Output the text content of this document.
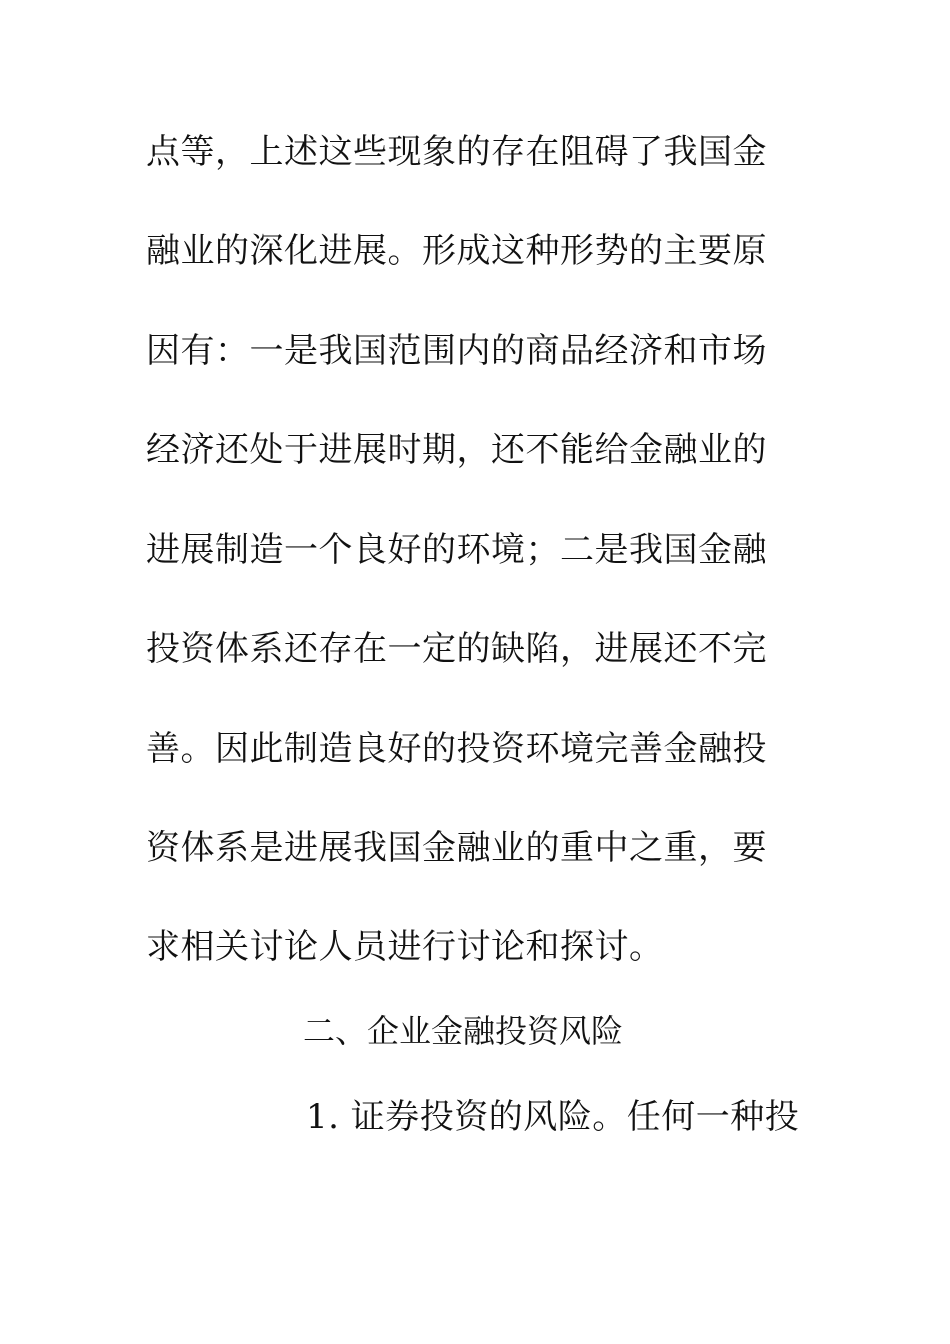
点等，上述这些现象的存在阻碍了我国金
融业的深化进展。形成这种形势的主要原
因有：一是我国范围内的商品经济和市场
经济还处于进展时期，还不能给金融业的
进展制造一个良好的环境；二是我国金融
投资体系还存在一定的缺陷，进展还不完
善。因此制造良好的投资环境完善金融投
资体系是进展我国金融业的重中之重，要
求相关讨论人员进行讨论和探讨。
二、企业金融投资风险
1. 证券投资的风险。任何一种投
